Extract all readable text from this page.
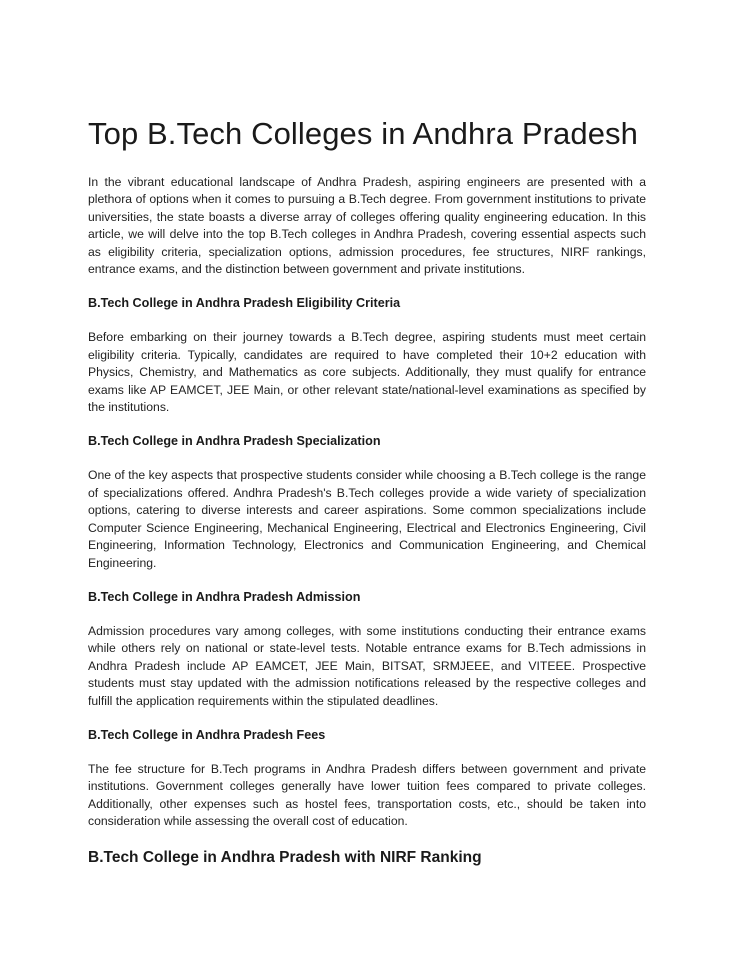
Top B.Tech Colleges in Andhra Pradesh

In the vibrant educational landscape of Andhra Pradesh, aspiring engineers are presented with a plethora of options when it comes to pursuing a B.Tech degree. From government institutions to private universities, the state boasts a diverse array of colleges offering quality engineering education. In this article, we will delve into the top B.Tech colleges in Andhra Pradesh, covering essential aspects such as eligibility criteria, specialization options, admission procedures, fee structures, NIRF rankings, entrance exams, and the distinction between government and private institutions.

B.Tech College in Andhra Pradesh Eligibility Criteria

Before embarking on their journey towards a B.Tech degree, aspiring students must meet certain eligibility criteria. Typically, candidates are required to have completed their 10+2 education with Physics, Chemistry, and Mathematics as core subjects. Additionally, they must qualify for entrance exams like AP EAMCET, JEE Main, or other relevant state/national-level examinations as specified by the institutions.

B.Tech College in Andhra Pradesh Specialization

One of the key aspects that prospective students consider while choosing a B.Tech college is the range of specializations offered. Andhra Pradesh's B.Tech colleges provide a wide variety of specialization options, catering to diverse interests and career aspirations. Some common specializations include Computer Science Engineering, Mechanical Engineering, Electrical and Electronics Engineering, Civil Engineering, Information Technology, Electronics and Communication Engineering, and Chemical Engineering.

B.Tech College in Andhra Pradesh Admission

Admission procedures vary among colleges, with some institutions conducting their entrance exams while others rely on national or state-level tests. Notable entrance exams for B.Tech admissions in Andhra Pradesh include AP EAMCET, JEE Main, BITSAT, SRMJEEE, and VITEEE. Prospective students must stay updated with the admission notifications released by the respective colleges and fulfill the application requirements within the stipulated deadlines.

B.Tech College in Andhra Pradesh Fees

The fee structure for B.Tech programs in Andhra Pradesh differs between government and private institutions. Government colleges generally have lower tuition fees compared to private colleges. Additionally, other expenses such as hostel fees, transportation costs, etc., should be taken into consideration while assessing the overall cost of education.

B.Tech College in Andhra Pradesh with NIRF Ranking
